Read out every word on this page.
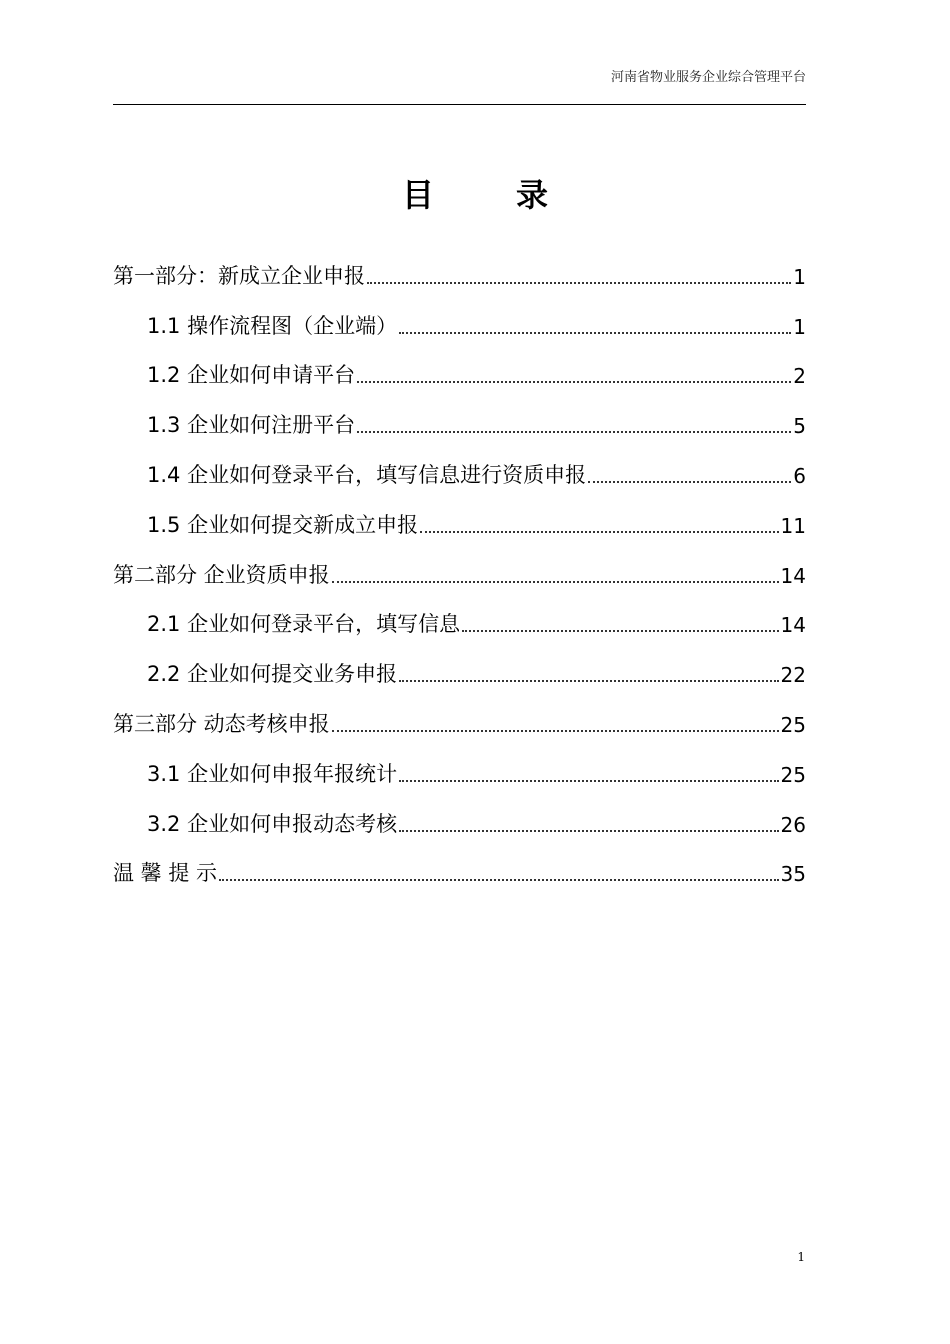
河南省物业服务企业综合管理平台
目	录
第一部分：新成立企业申报	1
1.1 操作流程图（企业端）	1
1.2 企业如何申请平台	2
1.3 企业如何注册平台	5
1.4 企业如何登录平台，填写信息进行资质申报	6
1.5 企业如何提交新成立申报	11
第二部分 企业资质申报	14
2.1 企业如何登录平台，填写信息	14
2.2 企业如何提交业务申报	22
第三部分 动态考核申报	25
3.1 企业如何申报年报统计	25
3.2 企业如何申报动态考核	26
温 馨 提 示	35
1
